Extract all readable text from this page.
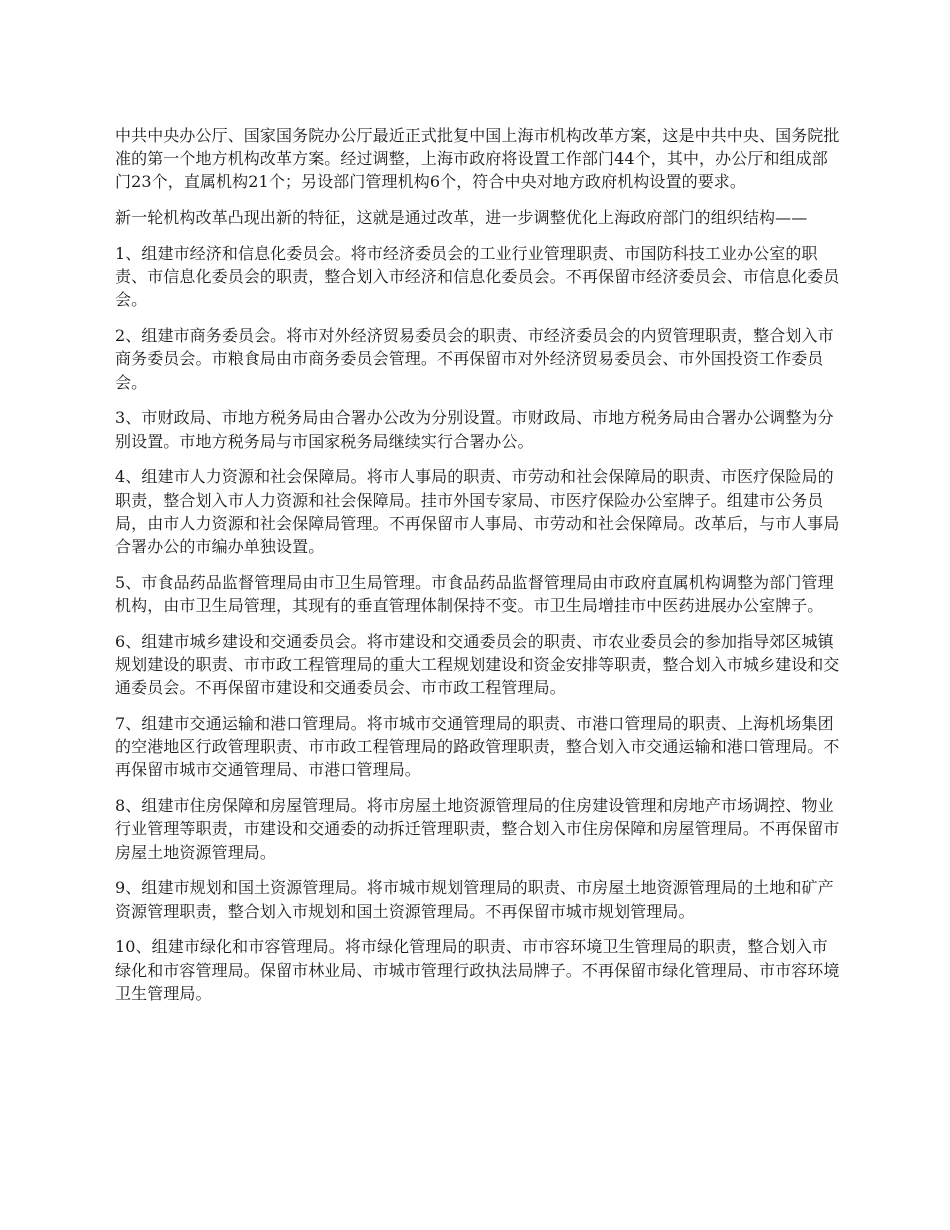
中共中央办公厅、国家国务院办公厅最近正式批复中国上海市机构改革方案，这是中共中央、国务院批准的第一个地方机构改革方案。经过调整，上海市政府将设置工作部门44个，其中，办公厅和组成部门23个，直属机构21个；另设部门管理机构6个，符合中央对地方政府机构设置的要求。

新一轮机构改革凸现出新的特征，这就是通过改革，进一步调整优化上海政府部门的组织结构——

1、组建市经济和信息化委员会。将市经济委员会的工业行业管理职责、市国防科技工业办公室的职责、市信息化委员会的职责，整合划入市经济和信息化委员会。不再保留市经济委员会、市信息化委员会。

2、组建市商务委员会。将市对外经济贸易委员会的职责、市经济委员会的内贸管理职责，整合划入市商务委员会。市粮食局由市商务委员会管理。不再保留市对外经济贸易委员会、市外国投资工作委员会。

3、市财政局、市地方税务局由合署办公改为分别设置。市财政局、市地方税务局由合署办公调整为分别设置。市地方税务局与市国家税务局继续实行合署办公。

4、组建市人力资源和社会保障局。将市人事局的职责、市劳动和社会保障局的职责、市医疗保险局的职责，整合划入市人力资源和社会保障局。挂市外国专家局、市医疗保险办公室牌子。组建市公务员局，由市人力资源和社会保障局管理。不再保留市人事局、市劳动和社会保障局。改革后，与市人事局合署办公的市编办单独设置。

5、市食品药品监督管理局由市卫生局管理。市食品药品监督管理局由市政府直属机构调整为部门管理机构，由市卫生局管理，其现有的垂直管理体制保持不变。市卫生局增挂市中医药进展办公室牌子。

6、组建市城乡建设和交通委员会。将市建设和交通委员会的职责、市农业委员会的参加指导郊区城镇规划建设的职责、市市政工程管理局的重大工程规划建设和资金安排等职责，整合划入市城乡建设和交通委员会。不再保留市建设和交通委员会、市市政工程管理局。

7、组建市交通运输和港口管理局。将市城市交通管理局的职责、市港口管理局的职责、上海机场集团的空港地区行政管理职责、市市政工程管理局的路政管理职责，整合划入市交通运输和港口管理局。不再保留市城市交通管理局、市港口管理局。

8、组建市住房保障和房屋管理局。将市房屋土地资源管理局的住房建设管理和房地产市场调控、物业行业管理等职责，市建设和交通委的动拆迁管理职责，整合划入市住房保障和房屋管理局。不再保留市房屋土地资源管理局。

9、组建市规划和国土资源管理局。将市城市规划管理局的职责、市房屋土地资源管理局的土地和矿产资源管理职责，整合划入市规划和国土资源管理局。不再保留市城市规划管理局。

10、组建市绿化和市容管理局。将市绿化管理局的职责、市市容环境卫生管理局的职责，整合划入市绿化和市容管理局。保留市林业局、市城市管理行政执法局牌子。不再保留市绿化管理局、市市容环境卫生管理局。
